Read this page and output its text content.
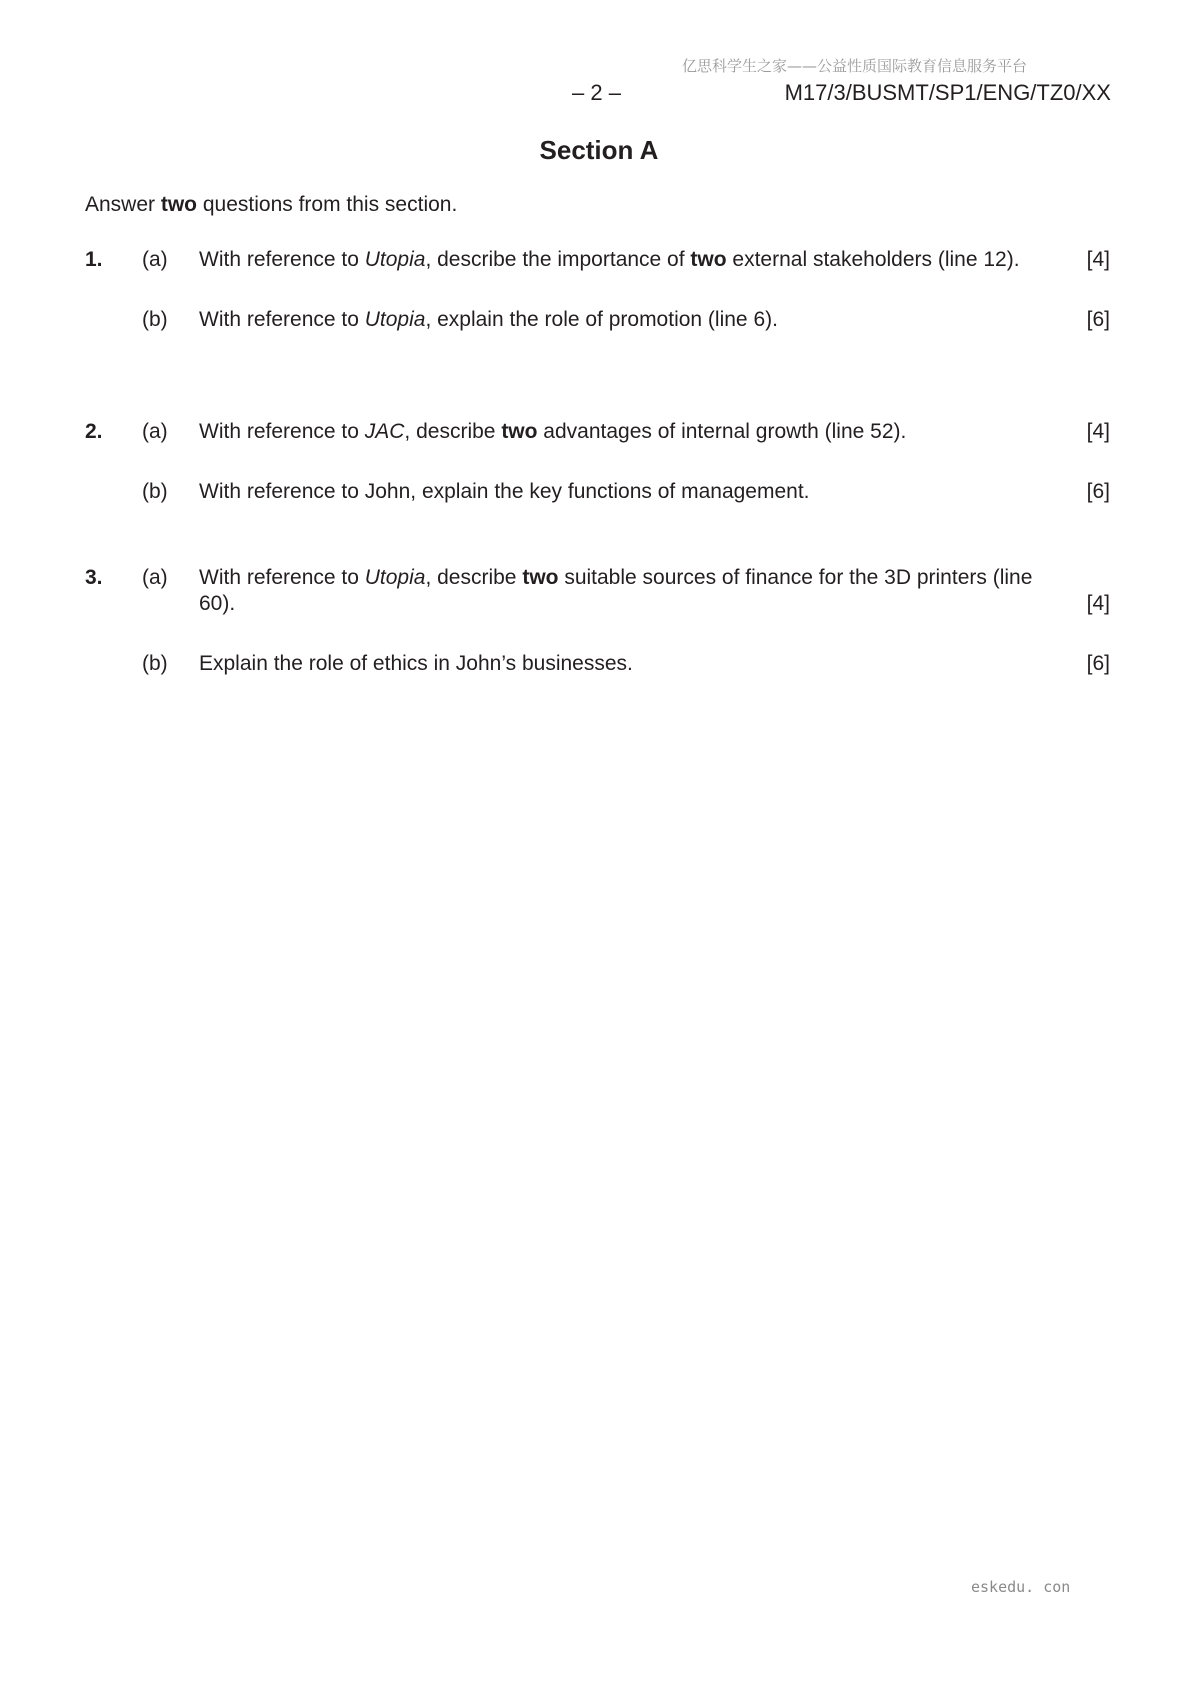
亿思科学生之家——公益性质国际教育信息服务平台
– 2 –	M17/3/BUSMT/SP1/ENG/TZ0/XX
Section A
Answer two questions from this section.
1. (a) With reference to Utopia, describe the importance of two external stakeholders (line 12).	[4]
(b) With reference to Utopia, explain the role of promotion (line 6).	[6]
2. (a) With reference to JAC, describe two advantages of internal growth (line 52).	[4]
(b) With reference to John, explain the key functions of management.	[6]
3. (a) With reference to Utopia, describe two suitable sources of finance for the 3D printers (line 60).	[4]
(b) Explain the role of ethics in John’s businesses.	[6]
eskedu. con
